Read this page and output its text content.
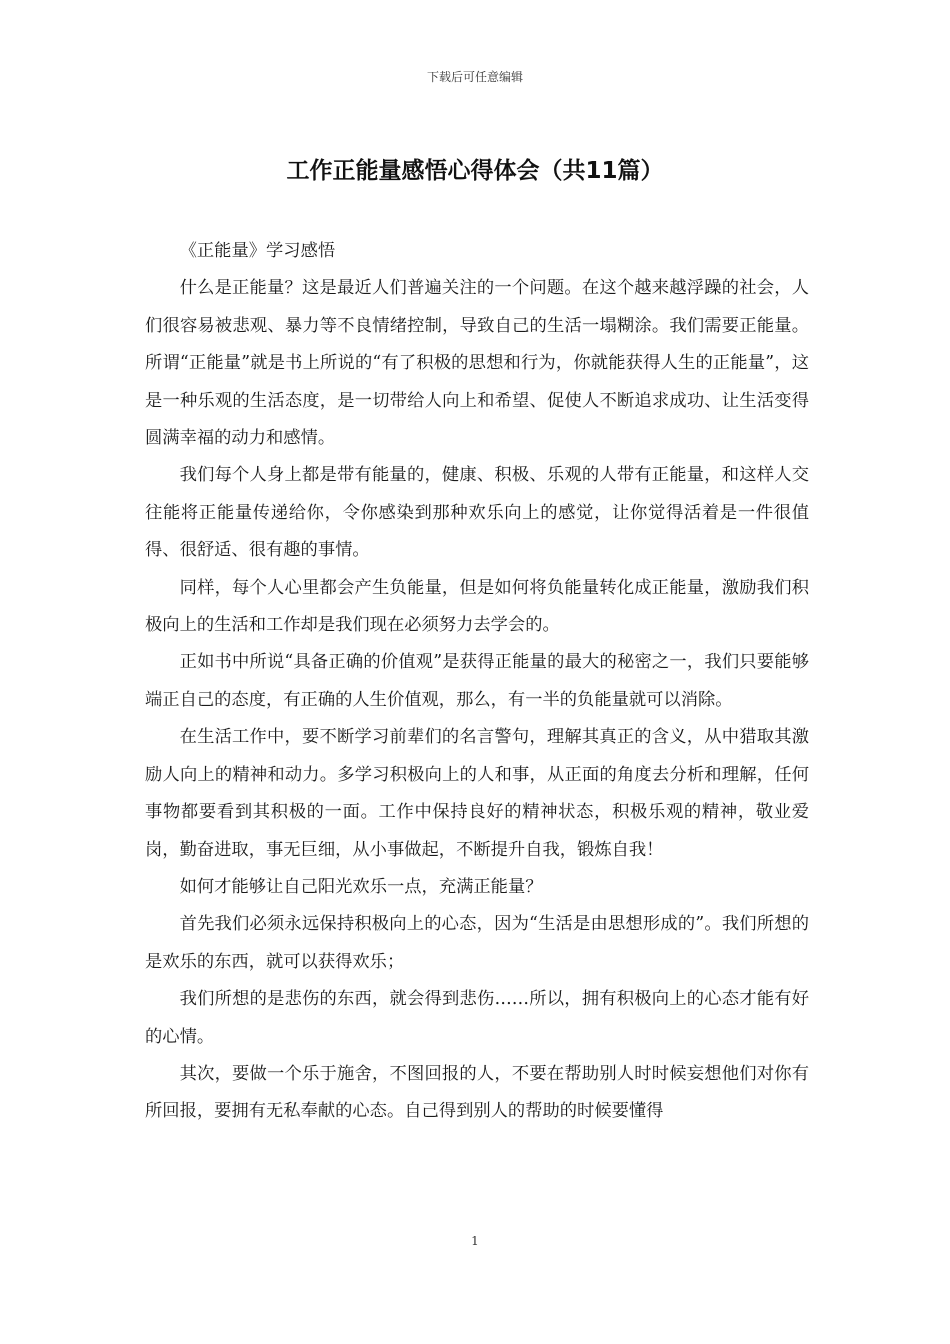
下载后可任意编辑
工作正能量感悟心得体会（共11篇）

《正能量》学习感悟

什么是正能量？这是最近人们普遍关注的一个问题。在这个越来越浮躁的社会，人们很容易被悲观、暴力等不良情绪控制，导致自己的生活一塌糊涂。我们需要正能量。所谓“正能量”就是书上所说的“有了积极的思想和行为，你就能获得人生的正能量”，这是一种乐观的生活态度，是一切带给人向上和希望、促使人不断追求成功、让生活变得圆满幸福的动力和感情。

我们每个人身上都是带有能量的，健康、积极、乐观的人带有正能量，和这样人交往能将正能量传递给你，令你感染到那种欢乐向上的感觉，让你觉得活着是一件很值得、很舒适、很有趣的事情。

同样，每个人心里都会产生负能量，但是如何将负能量转化成正能量，激励我们积极向上的生活和工作却是我们现在必须努力去学会的。

正如书中所说“具备正确的价值观”是获得正能量的最大的秘密之一，我们只要能够端正自己的态度，有正确的人生价值观，那么，有一半的负能量就可以消除。

在生活工作中，要不断学习前辈们的名言警句，理解其真正的含义，从中猎取其激励人向上的精神和动力。多学习积极向上的人和事，从正面的角度去分析和理解，任何事物都要看到其积极的一面。工作中保持良好的精神状态，积极乐观的精神，敬业爱岗，勤奋进取，事无巨细，从小事做起，不断提升自我，锻炼自我！

如何才能够让自己阳光欢乐一点，充满正能量？

首先我们必须永远保持积极向上的心态，因为“生活是由思想形成的”。我们所想的是欢乐的东西，就可以获得欢乐；

我们所想的是悲伤的东西，就会得到悲伤……所以，拥有积极向上的心态才能有好的心情。

其次，要做一个乐于施舍，不图回报的人，不要在帮助别人时时候妄想他们对你有所回报，要拥有无私奉献的心态。自己得到别人的帮助的时候要懂得

1
